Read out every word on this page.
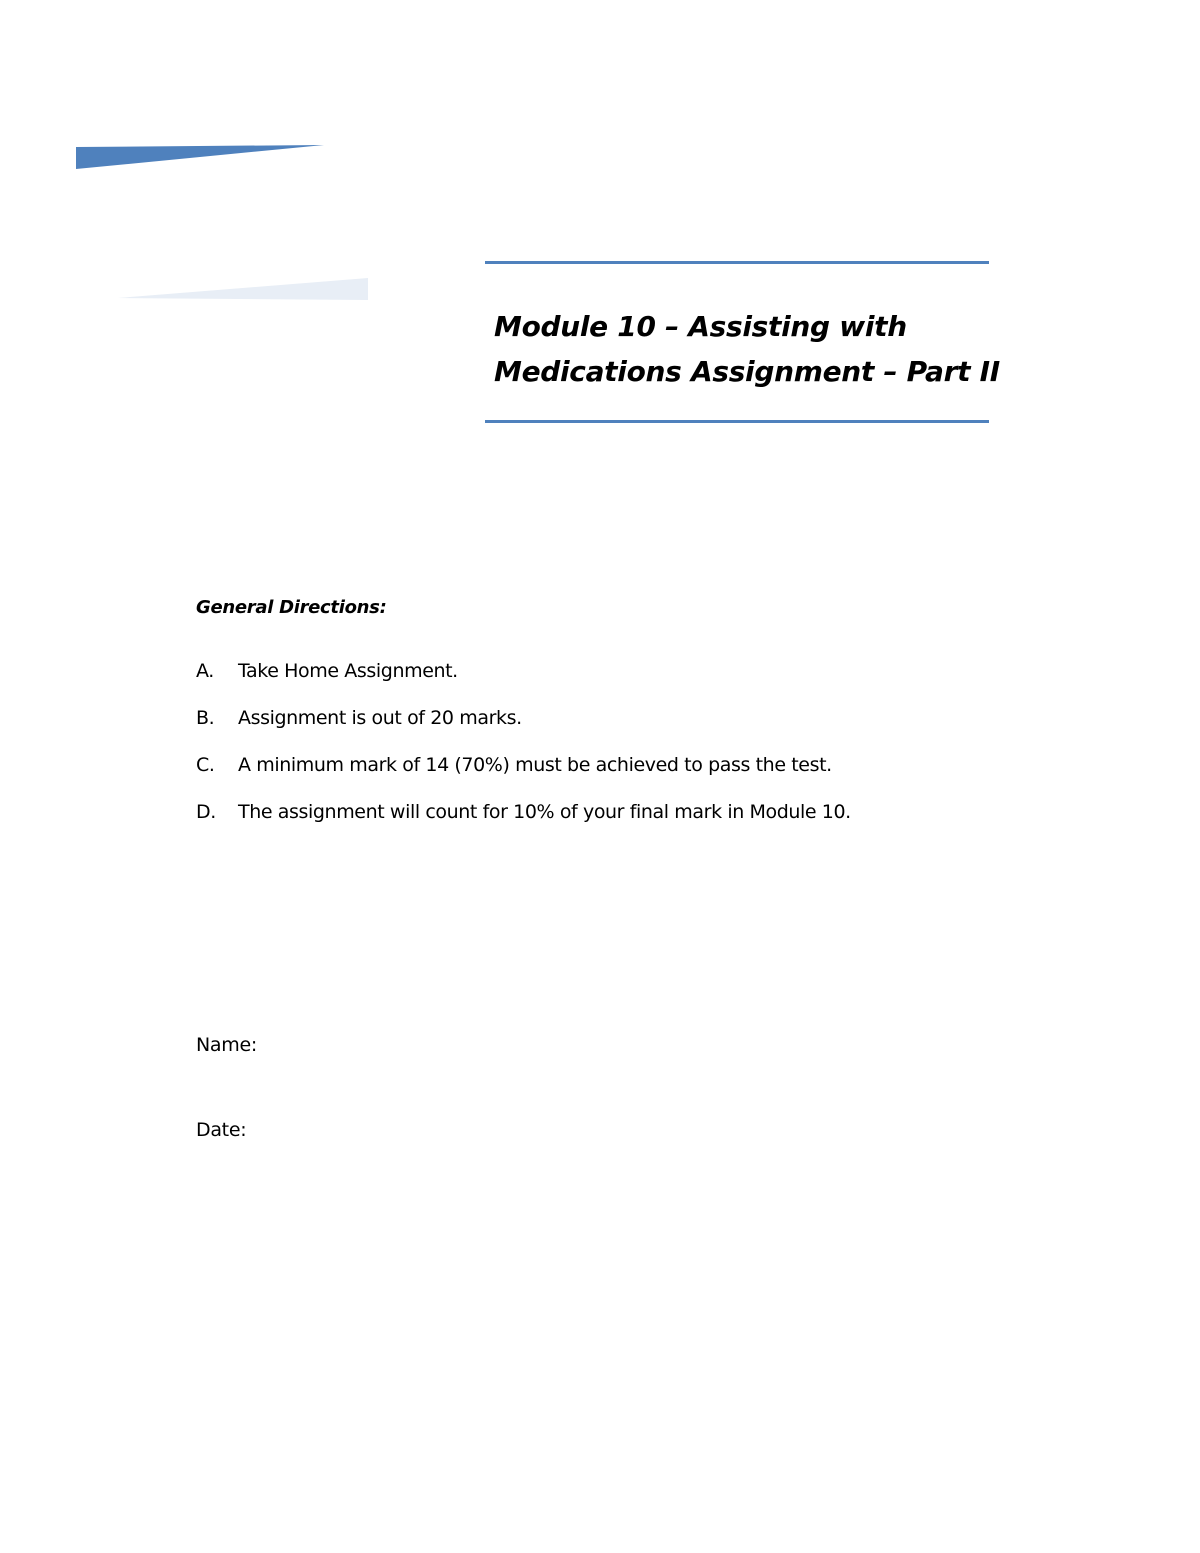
Module 10 – Assisting with
Medications Assignment – Part II
General Directions:
A.	Take Home Assignment.
B.	Assignment is out of 20 marks.
C.	A minimum mark of 14 (70%) must be achieved to pass the test.
D.	The assignment will count for 10% of your final mark in Module 10.
Name:
Date:
